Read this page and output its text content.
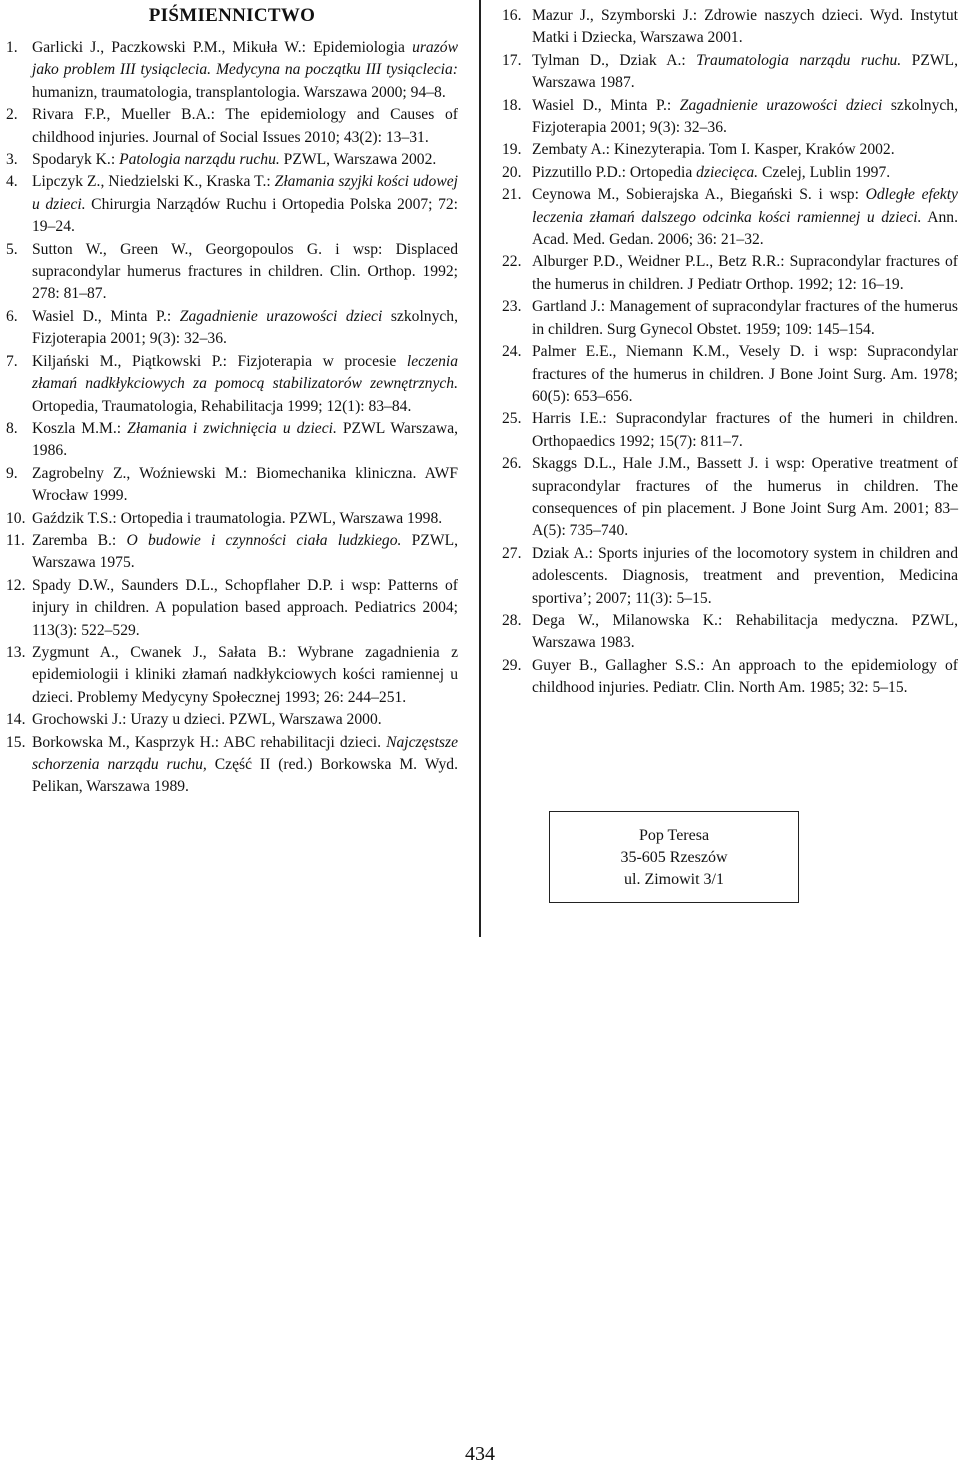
PIŚMIENNICTWO
1. Garlicki J., Paczkowski P.M., Mikuła W.: Epidemiologia urazów jako problem III tysiąclecia. Medycyna na początku III tysiąclecia: humanizn, traumatologia, transplantologia. Warszawa 2000; 94–8.
2. Rivara F.P., Mueller B.A.: The epidemiology and Causes of childhood injuries. Journal of Social Issues 2010; 43(2): 13–31.
3. Spodaryk K.: Patologia narządu ruchu. PZWL, Warszawa 2002.
4. Lipczyk Z., Niedzielski K., Kraska T.: Złamania szyjki kości udowej u dzieci. Chirurgia Narządów Ruchu i Ortopedia Polska 2007; 72: 19–24.
5. Sutton W., Green W., Georgopoulos G. i wsp: Displaced supracondylar humerus fractures in children. Clin. Orthop. 1992; 278: 81–87.
6. Wasiel D., Minta P.: Zagadnienie urazowości dzieci szkolnych, Fizjoterapia 2001; 9(3): 32–36.
7. Kiljański M., Piątkowski P.: Fizjoterapia w procesie leczenia złamań nadkłykciowych za pomocą stabilizatorów zewnętrznych. Ortopedia, Traumatologia, Rehabilitacja 1999; 12(1): 83–84.
8. Koszla M.M.: Złamania i zwichnięcia u dzieci. PZWL Warszawa, 1986.
9. Zagrobelny Z., Woźniewski M.: Biomechanika kliniczna. AWF Wrocław 1999.
10. Gaździk T.S.: Ortopedia i traumatologia. PZWL, Warszawa 1998.
11. Zaremba B.: O budowie i czynności ciała ludzkiego. PZWL, Warszawa 1975.
12. Spady D.W., Saunders D.L., Schopflaher D.P. i wsp: Patterns of injury in children. A population based approach. Pediatrics 2004; 113(3): 522–529.
13. Zygmunt A., Cwanek J., Sałata B.: Wybrane zagadnienia z epidemiologii i kliniki złamań nadkłykciowych kości ramiennej u dzieci. Problemy Medycyny Społecznej 1993; 26: 244–251.
14. Grochowski J.: Urazy u dzieci. PZWL, Warszawa 2000.
15. Borkowska M., Kasprzyk H.: ABC rehabilitacji dzieci. Najczęstsze schorzenia narządu ruchu, Część II (red.) Borkowska M. Wyd. Pelikan, Warszawa 1989.
16. Mazur J., Szymborski J.: Zdrowie naszych dzieci. Wyd. Instytut Matki i Dziecka, Warszawa 2001.
17. Tylman D., Dziak A.: Traumatologia narządu ruchu. PZWL, Warszawa 1987.
18. Wasiel D., Minta P.: Zagadnienie urazowości dzieci szkolnych, Fizjoterapia 2001; 9(3): 32–36.
19. Zembaty A.: Kinezyterapia. Tom I. Kasper, Kraków 2002.
20. Pizzutillo P.D.: Ortopedia dziecięca. Czelej, Lublin 1997.
21. Ceynowa M., Sobierajska A., Biegański S. i wsp: Odległe efekty leczenia złamań dalszego odcinka kości ramiennej u dzieci. Ann. Acad. Med. Gedan. 2006; 36: 21–32.
22. Alburger P.D., Weidner P.L., Betz R.R.: Supracondylar fractures of the humerus in children. J Pediatr Orthop. 1992; 12: 16–19.
23. Gartland J.: Management of supracondylar fractures of the humerus in children. Surg Gynecol Obstet. 1959; 109: 145–154.
24. Palmer E.E., Niemann K.M., Vesely D. i wsp: Supracondylar fractures of the humerus in children. J Bone Joint Surg. Am. 1978; 60(5): 653–656.
25. Harris I.E.: Supracondylar fractures of the humeri in children. Orthopaedics 1992; 15(7): 811–7.
26. Skaggs D.L., Hale J.M., Bassett J. i wsp: Operative treatment of supracondylar fractures of the humerus in children. The consequences of pin placement. J Bone Joint Surg Am. 2001; 83–A(5): 735–740.
27. Dziak A.: Sports injuries of the locomotory system in children and adolescents. Diagnosis, treatment and prevention, Medicina sportiva’; 2007; 11(3): 5–15.
28. Dega W., Milanowska K.: Rehabilitacja medyczna. PZWL, Warszawa 1983.
29. Guyer B., Gallagher S.S.: An approach to the epidemiology of childhood injuries. Pediatr. Clin. North Am. 1985; 32: 5–15.
Pop Teresa
35-605 Rzeszów
ul. Zimowit 3/1
434
